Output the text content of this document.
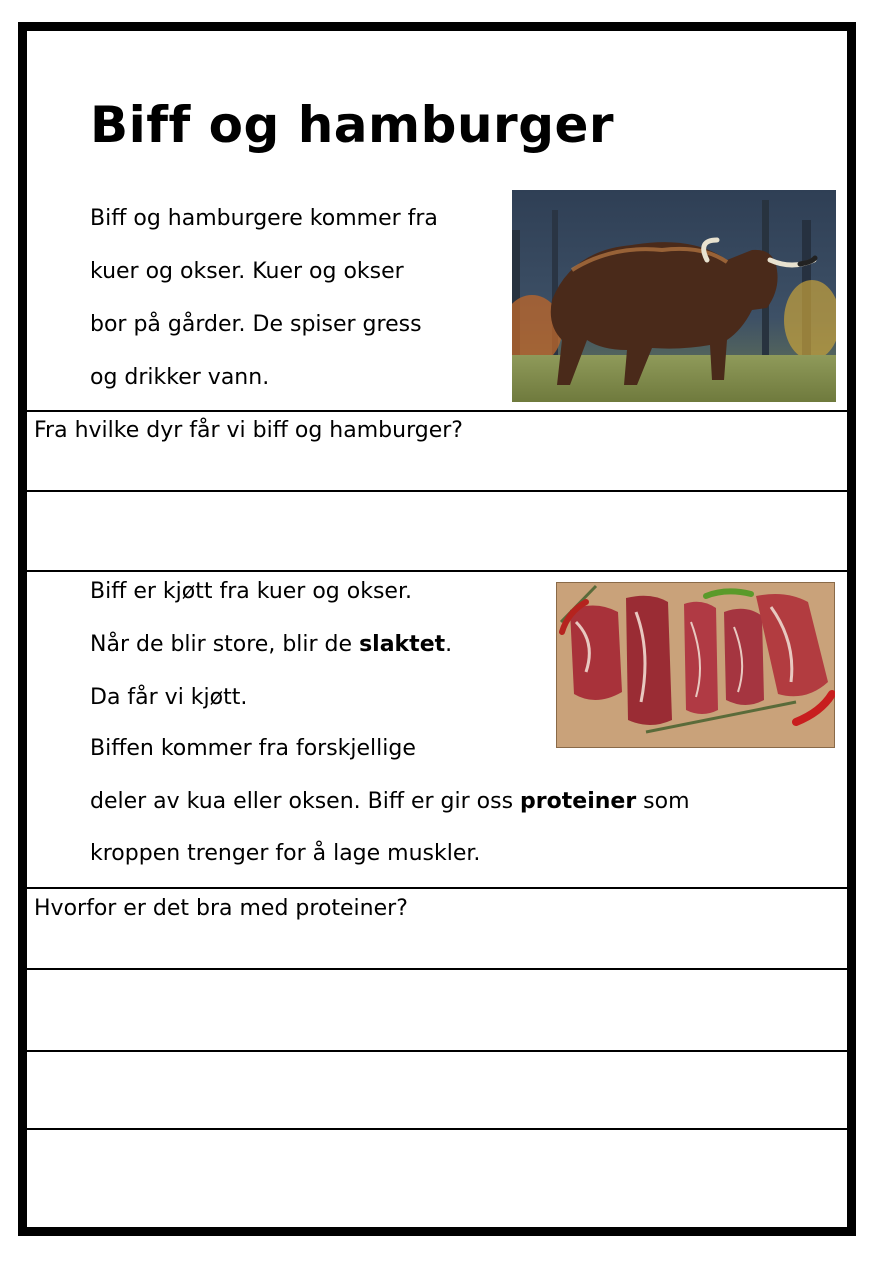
Biff og hamburger
Biff og hamburgere kommer fra
kuer og okser. Kuer og okser
bor på gårder. De spiser gress
og drikker vann.
Fra hvilke dyr får vi biff og hamburger?
Biff er kjøtt fra kuer og okser.
Når de blir store, blir de slaktet.
Da får vi kjøtt.
Biffen kommer fra forskjellige
deler av kua eller oksen. Biff er gir oss proteiner som
kroppen trenger for å lage muskler.
Hvorfor er det bra med proteiner?
